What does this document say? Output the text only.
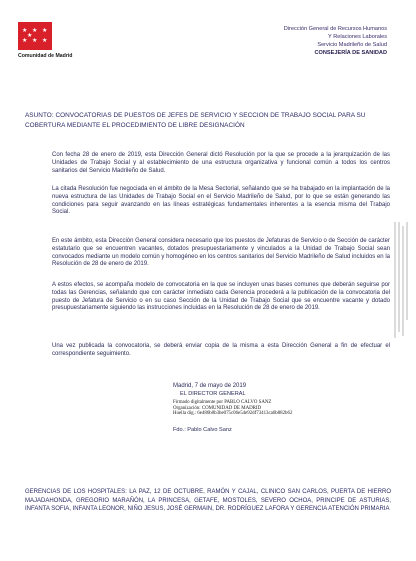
★ ★ ★
★ ★ ★
★
Comunidad de Madrid
Dirección General de Recursos Humanos
Y Relaciones Laborales
Servicio Madrileño de Salud
CONSEJERÍA DE SANIDAD
ASUNTO: CONVOCATORIAS DE PUESTOS DE JEFES DE SERVICIO Y SECCION DE TRABAJO SOCIAL PARA SU COBERTURA MEDIANTE EL PROCEDIMIENTO DE LIBRE DESIGNACIÓN
Con fecha 28 de enero de 2019, esta Dirección General dictó Resolución por la que se procede a la jerarquización de las Unidades de Trabajo Social y al establecimiento de una estructura organizativa y funcional común a todos los centros sanitarios del Servicio Madrileño de Salud.
La citada Resolución fue negociada en el ámbito de la Mesa Sectorial, señalando que se ha trabajado en la implantación de la nueva estructura de las Unidades de Trabajo Social en el Servicio Madrileño de Salud, por lo que se están generando las condiciones para seguir avanzando en las líneas estratégicas fundamentales inherentes a la esencia misma del Trabajo Social.
En este ámbito, esta Dirección General considera necesario que los puestos de Jefaturas de Servicio o de Sección de carácter estatutario que se encuentren vacantes, dotados presupuestariamente y vinculados a la Unidad de Trabajo Social sean convocados mediante un modelo común y homogéneo en los centros sanitarios del Servicio Madrileño de Salud incluidos en la Resolución de 28 de enero de 2019.
A estos efectos, se acompaña modelo de convocatoria en la que se incluyen unas bases comunes que deberán seguirse por todas las Gerencias, señalando que con carácter inmediato cada Gerencia procederá a la publicación de la convocatoria del puesto de Jefatura de Servicio o en su caso Sección de la Unidad de Trabajo Social que se encuentre vacante y dotado presupuestariamente siguiendo las instrucciones incluidas en la Resolución de 28 de enero de 2019.
Una vez publicada la convocatoria, se deberá enviar copia de la misma a esta Dirección General a fin de efectuar el correspondiente seguimiento.
Madrid, 7 de mayo de 2019
EL DIRECTOR GENERAL
Firmado digitalmente por PABLO CALVO SANZ
Organización: COMUNIDAD DE MADRID
Huella dig.: 6e486b0b3be075c06e54e92df73413ca6b882b62
Fdo.: Pablo Calvo Sanz
GERENCIAS DE LOS HOSPITALES: LA PAZ, 12 DE OCTUBRE, RAMÓN Y CAJAL, CLINICO SAN CARLOS, PUERTA DE HIERRO MAJADAHONDA, GREGORIO MARAÑÓN, LA PRINCESA, GETAFE, MOSTOLES, SEVERO OCHOA, PRINCIPE DE ASTURIAS, INFANTA SOFIA, INFANTA LEONOR, NIÑO JESUS, JOSÉ GERMAIN, DR. RODRÍGUEZ LAFORA Y GERENCIA ATENCIÓN PRIMARIA
